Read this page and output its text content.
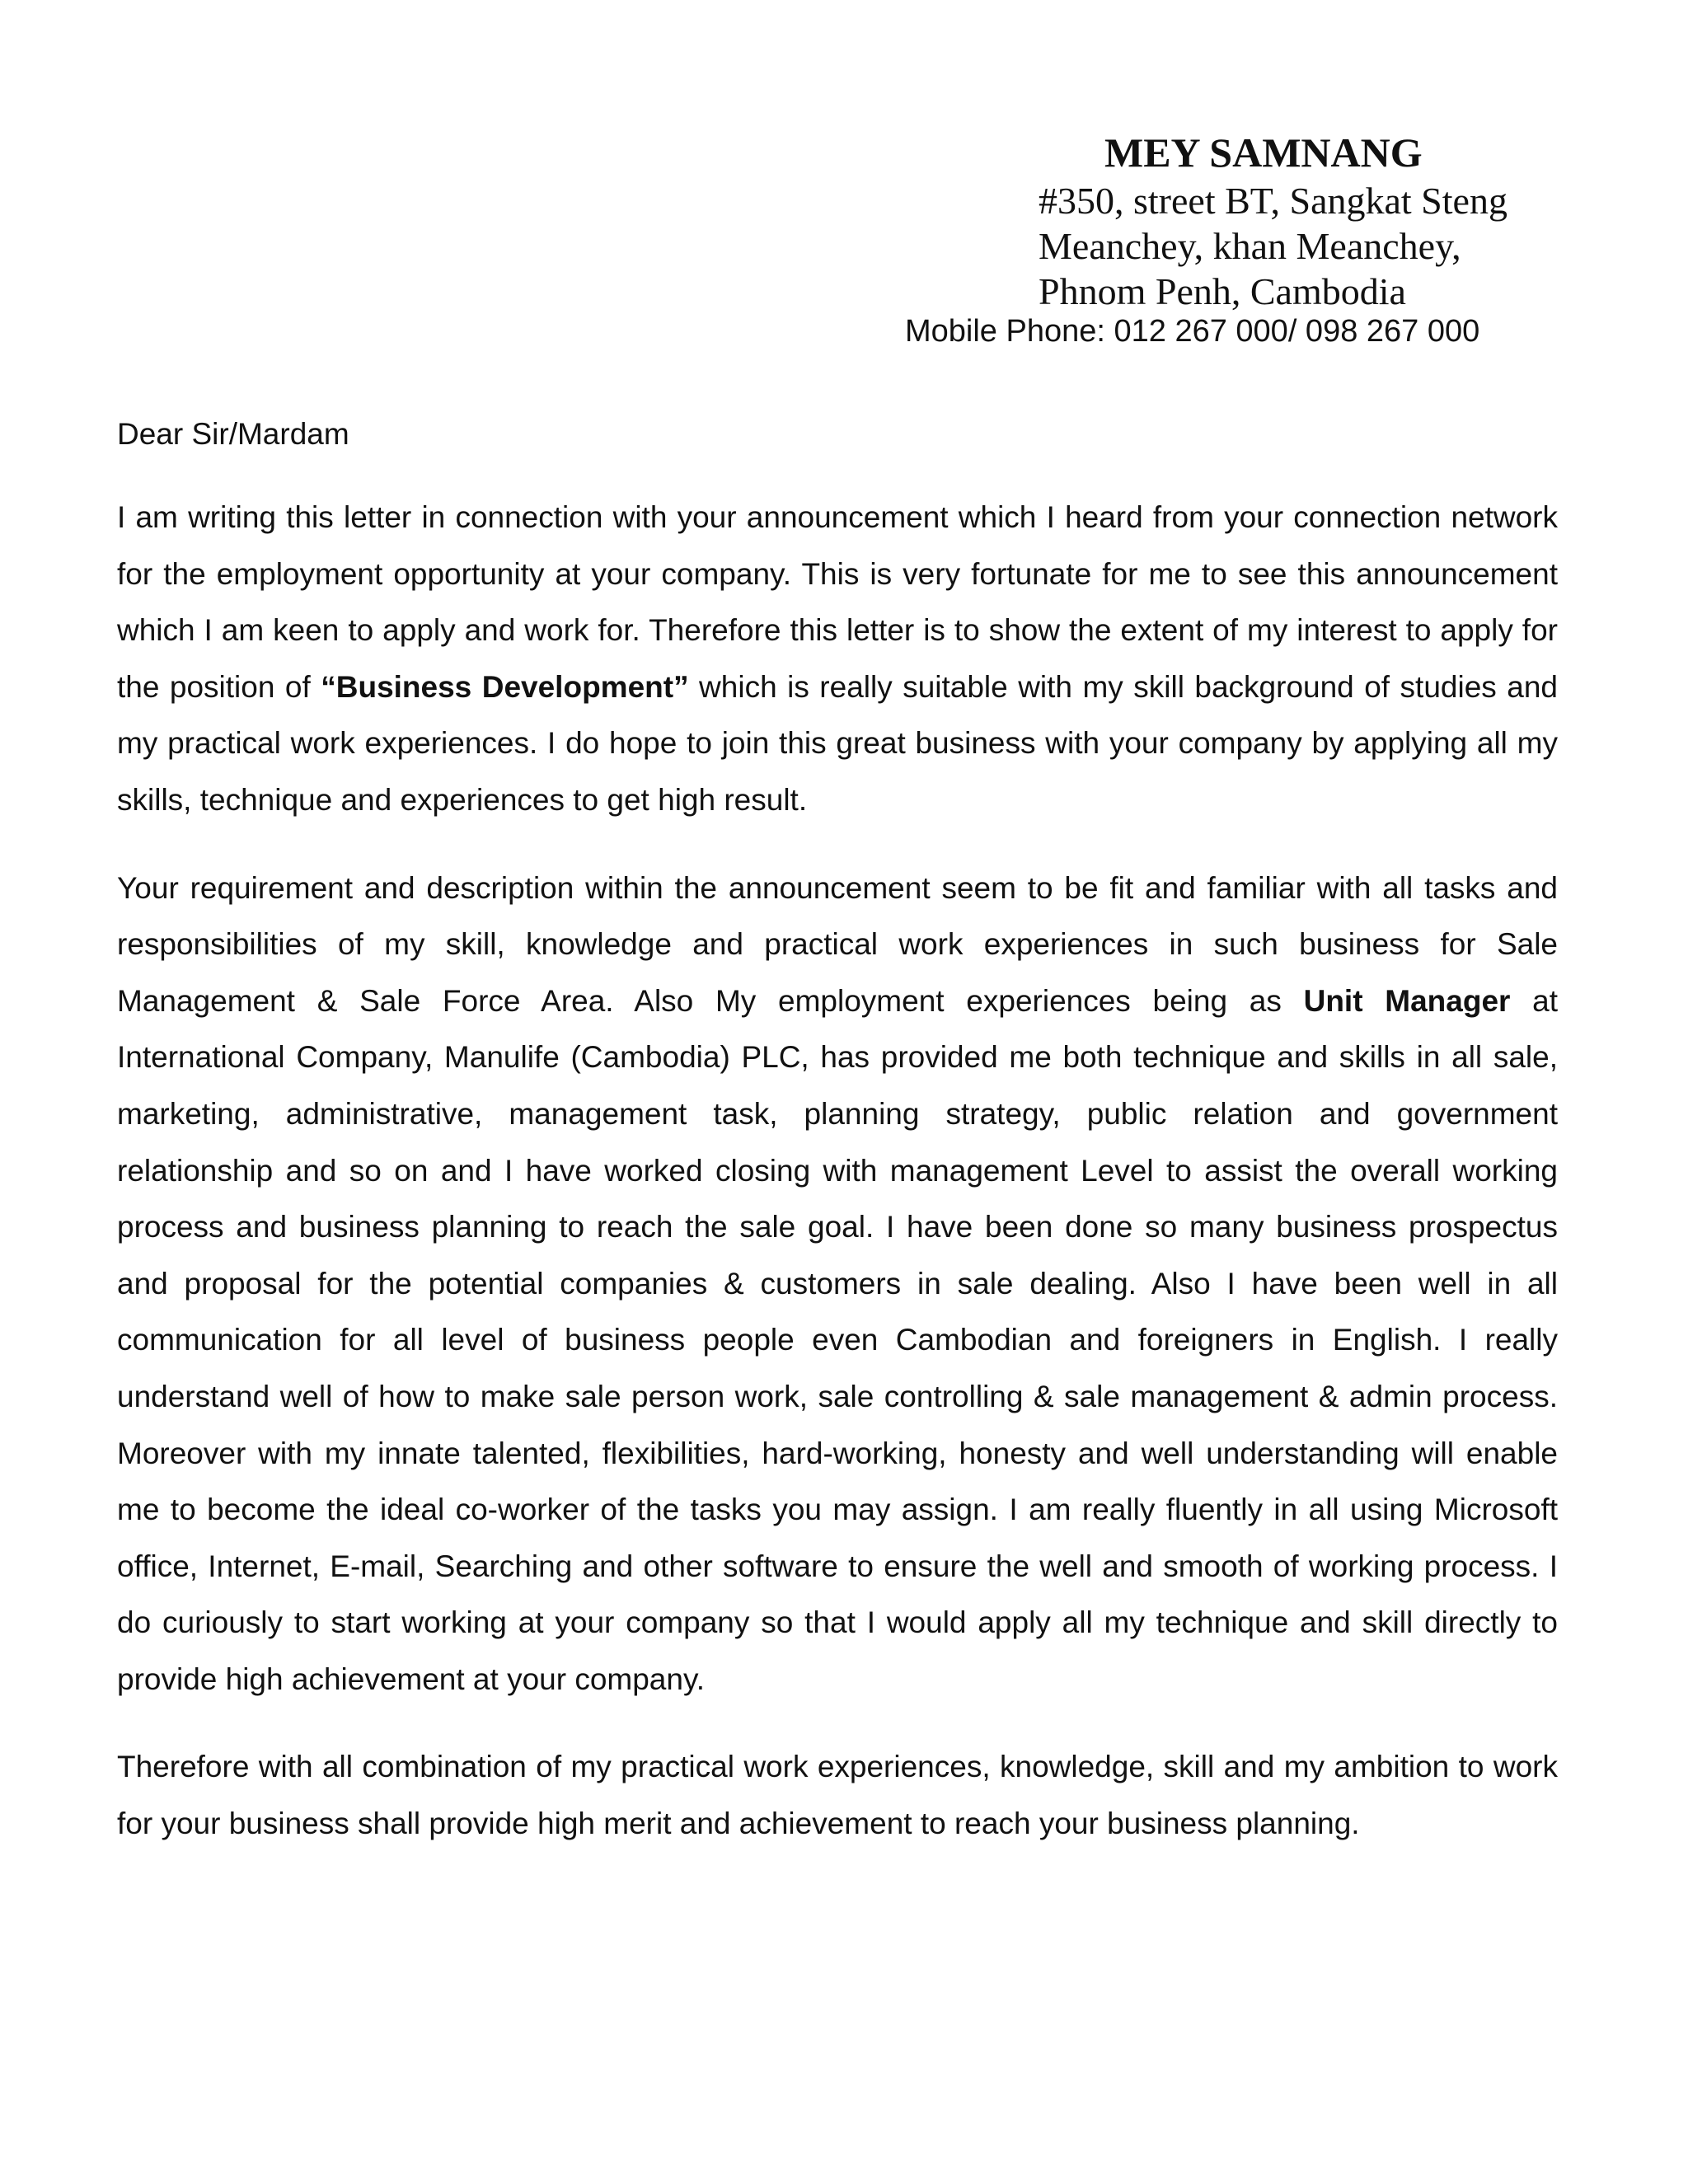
MEY SAMNANG
#350, street BT, Sangkat Steng
Meanchey, khan Meanchey,
Phnom Penh, Cambodia
Mobile Phone: 012 267 000/ 098 267 000

Dear Sir/Mardam

I am writing this letter in connection with your announcement which I heard from your connection network for the employment opportunity at your company. This is very fortunate for me to see this announcement which I am keen to apply and work for. Therefore this letter is to show the extent of my interest to apply for the position of “Business Development” which is really suitable with my skill background of studies and my practical work experiences. I do hope to join this great business with your company by applying all my skills, technique and experiences to get high result.

Your requirement and description within the announcement seem to be fit and familiar with all tasks and responsibilities of my skill, knowledge and practical work experiences in such business for Sale Management & Sale Force Area. Also My employment experiences being as Unit Manager at International Company, Manulife (Cambodia) PLC, has provided me both technique and skills in all sale, marketing, administrative, management task, planning strategy, public relation and government relationship and so on and I have worked closing with management Level to assist the overall working process and business planning to reach the sale goal. I have been done so many business prospectus and proposal for the potential companies & customers in sale dealing. Also I have been well in all communication for all level of business people even Cambodian and foreigners in English. I really understand well of how to make sale person work, sale controlling & sale management & admin process. Moreover with my innate talented, flexibilities, hard-working, honesty and well understanding will enable me to become the ideal co-worker of the tasks you may assign. I am really fluently in all using Microsoft office, Internet, E-mail, Searching and other software to ensure the well and smooth of working process. I do curiously to start working at your company so that I would apply all my technique and skill directly to provide high achievement at your company.

Therefore with all combination of my practical work experiences, knowledge, skill and my ambition to work for your business shall provide high merit and achievement to reach your business planning.
